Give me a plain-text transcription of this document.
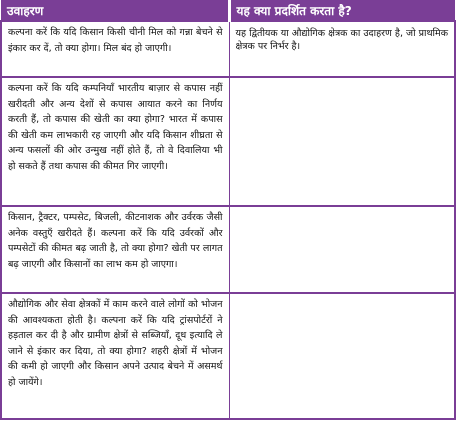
उवाहरण	यह क्या प्रदर्शित करता है?
कल्पना करें कि यदि किसान किसी चीनी मिल को गन्ना बेचने से इंकार कर दें, तो क्या होगा। मिल बंद हो जाएगी।	यह द्वितीयक या औद्योगिक क्षेत्रक का उदाहरण है, जो प्राथमिक क्षेत्रक पर निर्भर है।
कल्पना करें कि यदि कम्पनियाँ भारतीय बाज़ार से कपास नहीं खरीदती और अन्य देशों से कपास आयात करने का निर्णय करती हैं, तो कपास की खेती का क्या होगा? भारत में कपास की खेती कम लाभकारी रह जाएगी और यदि किसान शीघ्रता से अन्य फसलों की ओर उन्मुख नहीं होते हैं, तो वे दिवालिया भी हो सकते हैं तथा कपास की कीमत गिर जाएगी।	
किसान, ट्रैक्टर, पम्पसेट, बिजली, कीटनाशक और उर्वरक जैसी अनेक वस्तुएँ खरीदते हैं। कल्पना करें कि यदि उर्वरकों और पम्पसेटों की कीमत बढ़ जाती है, तो क्या होगा? खेती पर लागत बढ़ जाएगी और किसानों का लाभ कम हो जाएगा।	
औद्योगिक और सेवा क्षेत्रकों में काम करने वाले लोगों को भोजन की आवश्यकता होती है। कल्पना करें कि यदि ट्रांसपोर्टरों ने हड़ताल कर दी है और ग्रामीण क्षेत्रों से सब्जियाँ, दूध इत्यादि ले जाने से इंकार कर दिया, तो क्या होगा? शहरी क्षेत्रों में भोजन की कमी हो जाएगी और किसान अपने उत्पाद बेचने में असमर्थ हो जायेंगे।	
